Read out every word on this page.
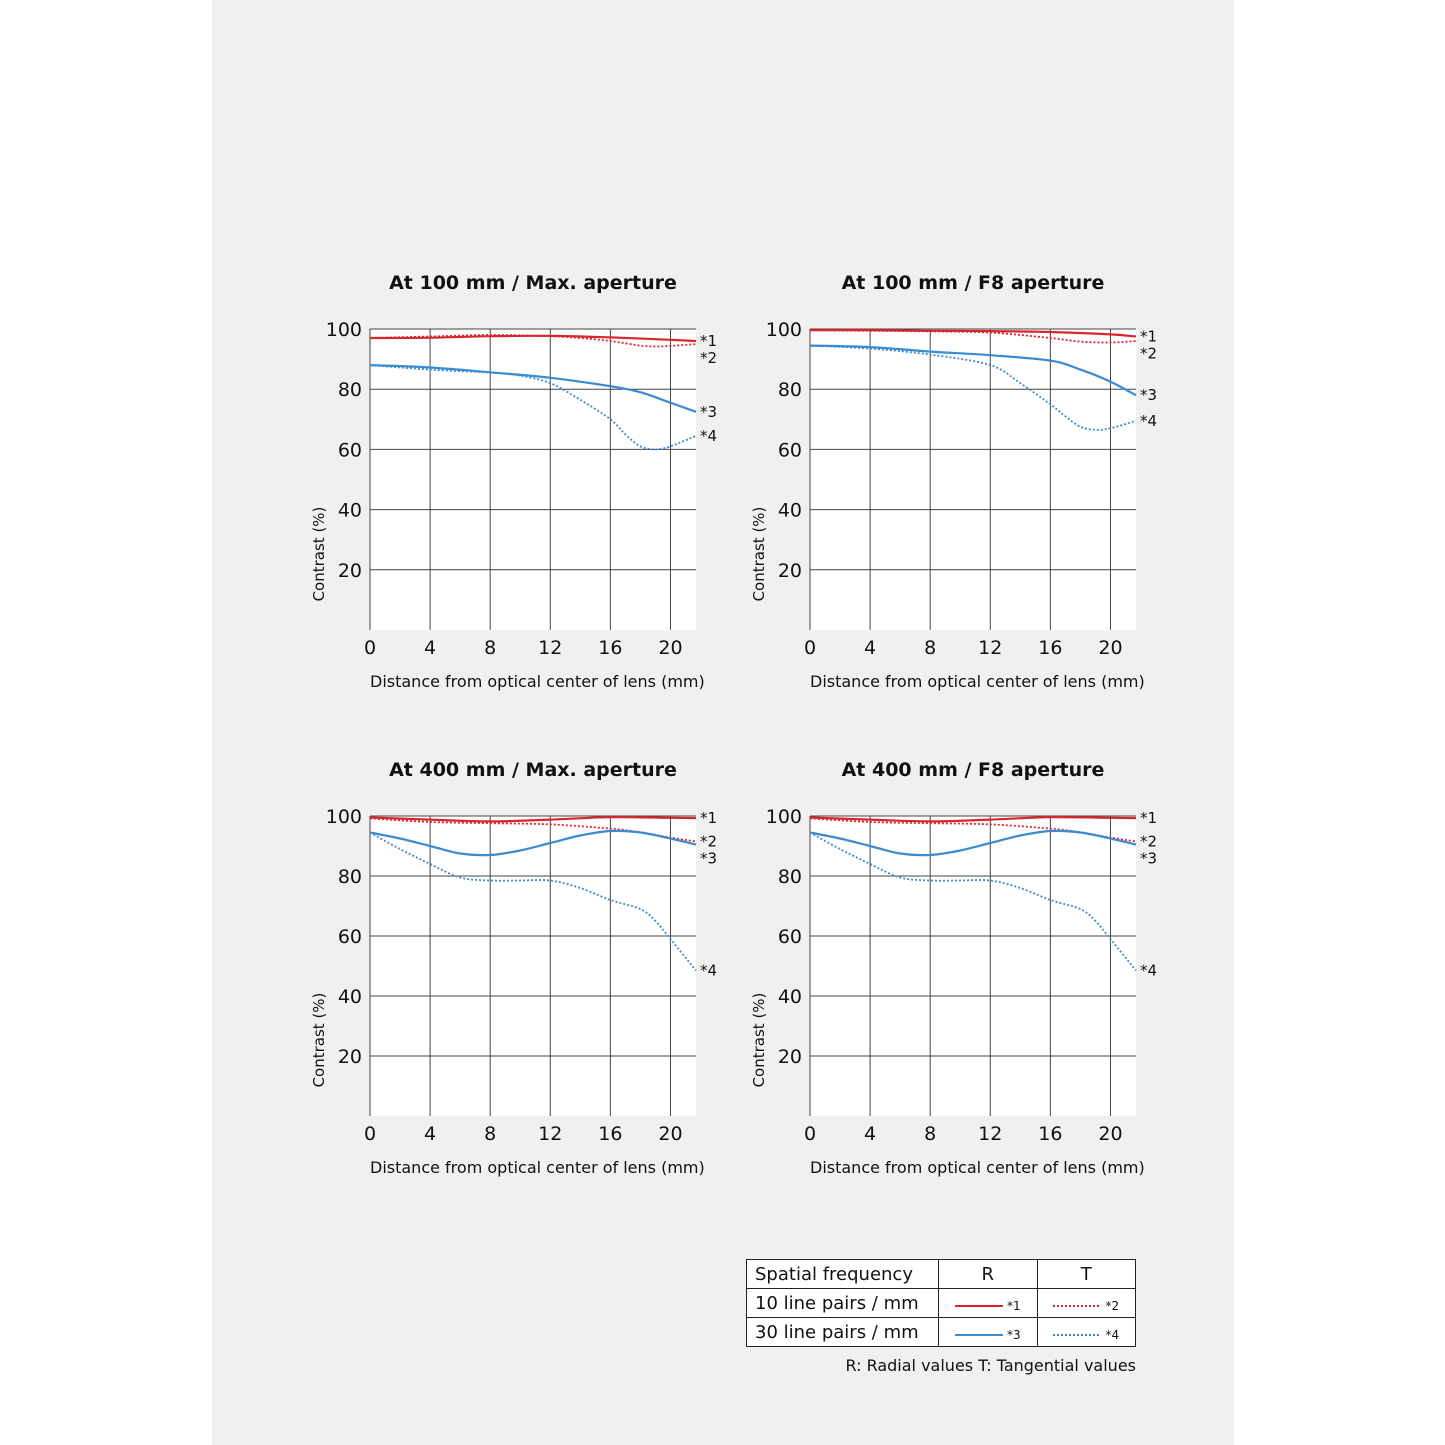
At 100 mm / Max. aperture
20
40
60
80
100
0	4	8 12 16 20
Distance from optical center of lens (mm)
Contrast (%)
*1
*2
*3
*4
At 100 mm / F8 aperture
20
40
60
80
100
0	4	8 12 16 20
Distance from optical center of lens (mm)
Contrast (%)
*1
*2
*3
*4
At 400 mm / Max. aperture
20
40
60
80
100
0	4	8 12 16 20
Distance from optical center of lens (mm)
Contrast (%)
*1
*2
*3
*4
At 400 mm / F8 aperture
20
40
60
80
100
0	4	8 12 16 20
Distance from optical center of lens (mm)
Contrast (%)
*1
*2
*3
*4
Spatial frequency	R	T
10 line pairs / mm	*1	*2

30 line pairs / mm	*3	*4
R: Radial values T: Tangential values
